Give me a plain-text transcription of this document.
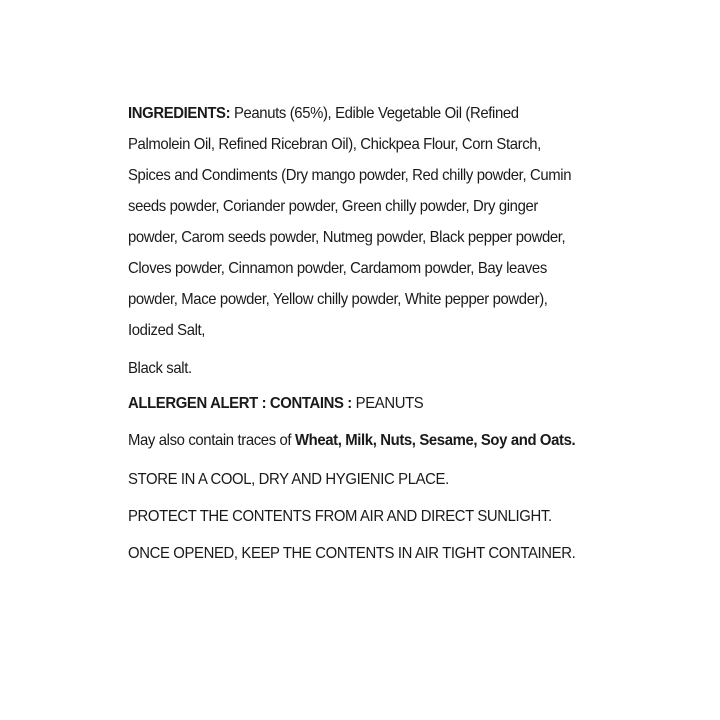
INGREDIENTS: Peanuts (65%), Edible Vegetable Oil (Refined Palmolein Oil, Refined Ricebran Oil), Chickpea Flour, Corn Starch, Spices and Condiments (Dry mango powder, Red chilly powder, Cumin seeds powder, Coriander powder, Green chilly powder, Dry ginger powder, Carom seeds powder, Nutmeg powder, Black pepper powder, Cloves powder, Cinnamon powder, Cardamom powder, Bay leaves powder, Mace powder, Yellow chilly powder, White pepper powder), Iodized Salt,

Black salt.

ALLERGEN ALERT : CONTAINS : PEANUTS

May also contain traces of Wheat, Milk, Nuts, Sesame, Soy and Oats.

STORE IN A COOL, DRY AND HYGIENIC PLACE.

PROTECT THE CONTENTS FROM AIR AND DIRECT SUNLIGHT.

ONCE OPENED, KEEP THE CONTENTS IN AIR TIGHT CONTAINER.
